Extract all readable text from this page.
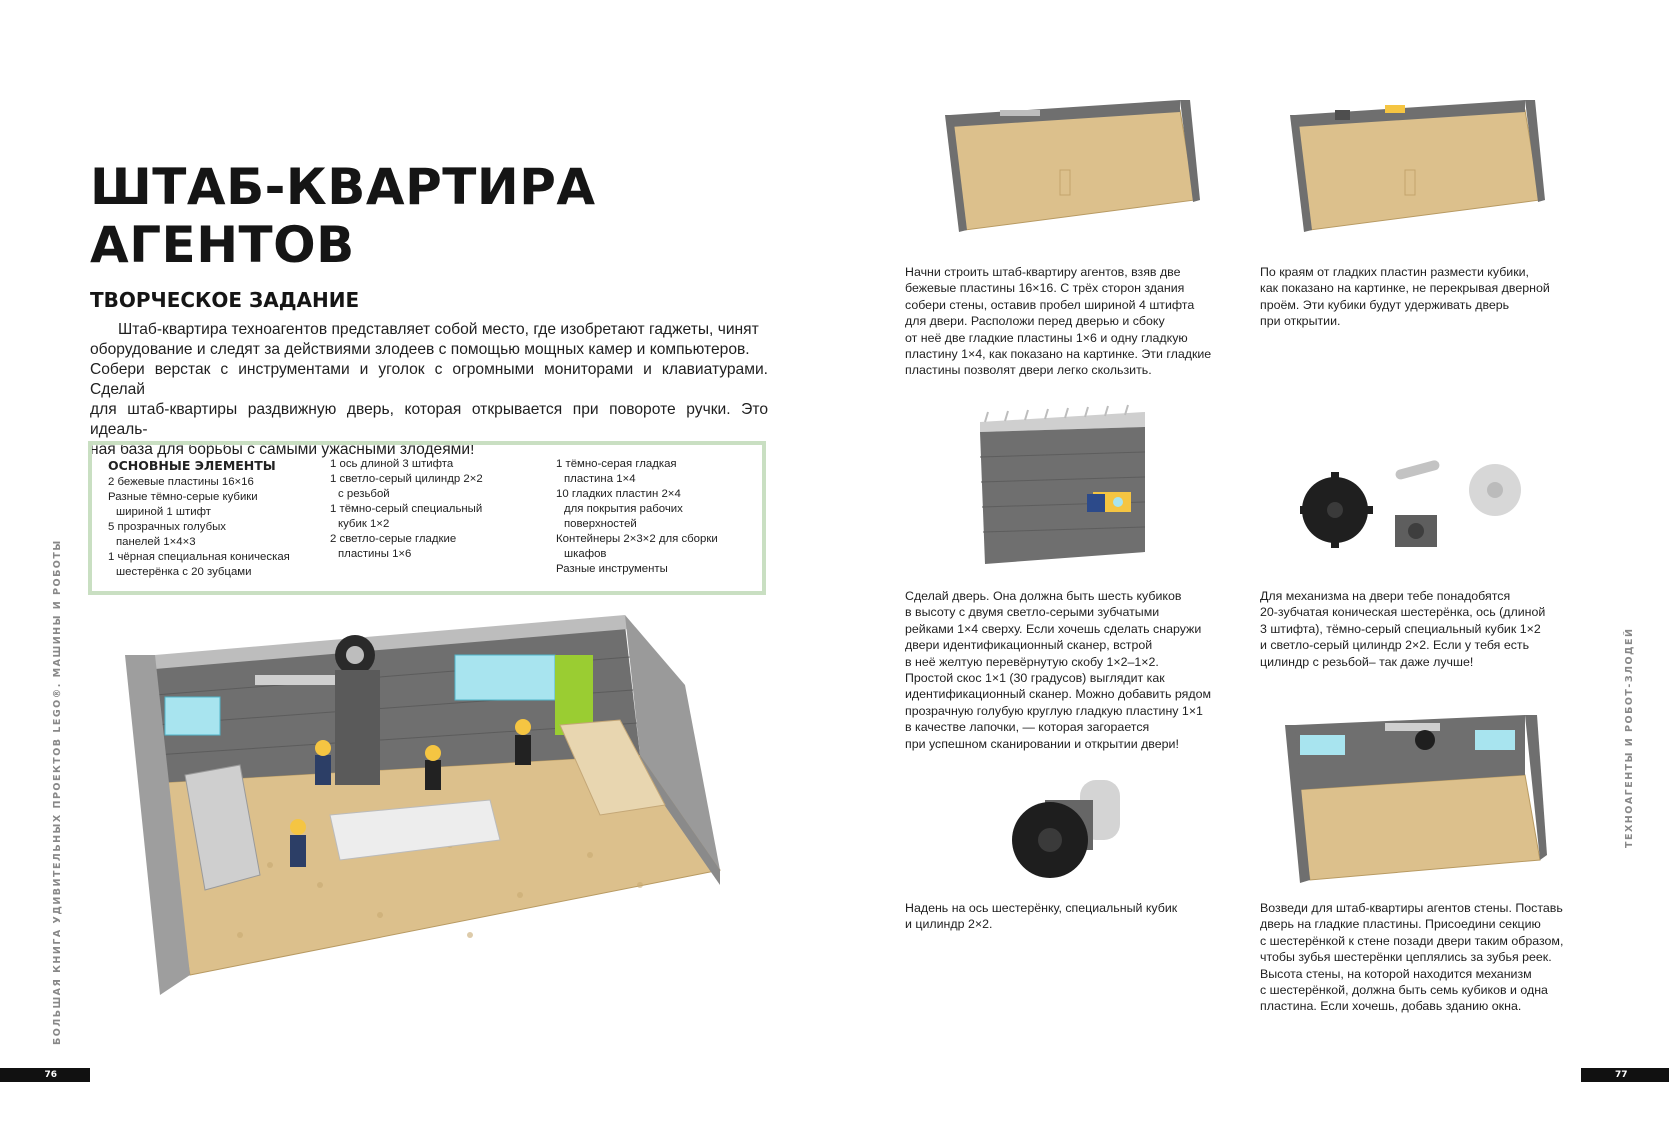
ШТАБ-КВАРТИРА
АГЕНТОВ
ТВОРЧЕСКОЕ ЗАДАНИЕ
Штаб-квартира техноагентов представляет собой место, где изобретают гаджеты, чинят
оборудование и следят за действиями злодеев с помощью мощных камер и компьютеров.
Собери верстак с инструментами и уголок с огромными мониторами и клавиатурами. Сделай
для штаб-квартиры раздвижную дверь, которая открывается при повороте ручки. Это идеаль-
ная база для борьбы с самыми ужасными злодеями!
ОСНОВНЫЕ ЭЛЕМЕНТЫ
2 бежевые пластины 16×16
Разные тёмно-серые кубики
шириной 1 штифт
5 прозрачных голубых
панелей 1×4×3
1 чёрная специальная коническая
шестерёнка с 20 зубцами
1 ось длиной 3 штифта
1 светло-серый цилиндр 2×2
с резьбой
1 тёмно-серый специальный
кубик 1×2
2 светло-серые гладкие
пластины 1×6
1 тёмно-серая гладкая
пластина 1×4
10 гладких пластин 2×4
для покрытия рабочих
поверхностей
Контейнеры 2×3×2 для сборки
шкафов
Разные инструменты
БОЛЬШАЯ КНИГА УДИВИТЕЛЬНЫХ ПРОЕКТОВ LEGO®. МАШИНЫ И РОБОТЫ
76
Начни строить штаб-квартиру агентов, взяв две
бежевые пластины 16×16. С трёх сторон здания
собери стены, оставив пробел шириной 4 штифта
для двери. Расположи перед дверью и сбоку
от неё две гладкие пластины 1×6 и одну гладкую
пластину 1×4, как показано на картинке. Эти гладкие
пластины позволят двери легко скользить.
По краям от гладких пластин размести кубики,
как показано на картинке, не перекрывая дверной
проём. Эти кубики будут удерживать дверь
при открытии.
Сделай дверь. Она должна быть шесть кубиков
в высоту с двумя светло-серыми зубчатыми
рейками 1×4 сверху. Если хочешь сделать снаружи
двери идентификационный сканер, встрой
в неё желтую перевёрнутую скобу 1×2–1×2.
Простой скос 1×1 (30 градусов) выглядит как
идентификационный сканер. Можно добавить рядом
прозрачную голубую круглую гладкую пластину 1×1
в качестве лапочки, — которая загорается
при успешном сканировании и открытии двери!
Для механизма на двери тебе понадобятся
20-зубчатая коническая шестерёнка, ось (длиной
3 штифта), тёмно-серый специальный кубик 1×2
и светло-серый цилиндр 2×2. Если у тебя есть
цилиндр с резьбой– так даже лучше!
Надень на ось шестерёнку, специальный кубик
и цилиндр 2×2.
Возведи для штаб-квартиры агентов стены. Поставь
дверь на гладкие пластины. Присоедини секцию
с шестерёнкой к стене позади двери таким образом,
чтобы зубья шестерёнки цеплялись за зубья реек.
Высота стены, на которой находится механизм
с шестерёнкой, должна быть семь кубиков и одна
пластина. Если хочешь, добавь зданию окна.
ТЕХНОАГЕНТЫ И РОБОТ-ЗЛОДЕЙ
77
